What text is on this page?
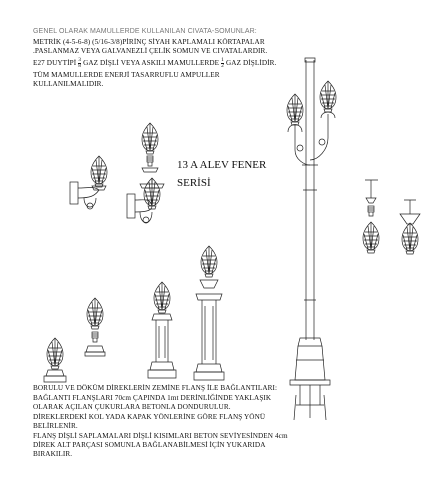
GENEL OLARAK MAMULLERDE KULLANILAN CIVATA-SOMUNLAR:
METRİK (4-5-6-8) (5/16-3/8)PİRİNÇ SİYAH KAPLAMALI KÖRTAPALAR
.PASLANMAZ VEYA GALVANEZLİ ÇELİK SOMUN VE CIVATALARDIR.
E27 DUYTİPİ $\frac{3}{8}$ GAZ DİŞLİ VEYA ASKILI MAMULLERDE $\frac{1}{2}$ GAZ DİŞLİDİR.
TÜM MAMULLERDE ENERJİ TASARRUFLU AMPULLER
KULLANILMALIDIR.
13 A ALEV FENER
SERİSİ
BORULU VE DÖKÜM DİREKLERİN ZEMİNE FLANŞ İLE BAĞLANTILARI:
BAĞLANTI FLANŞLARI 70cm ÇAPINDA 1mt DERİNLİĞİNDE YAKLAŞIK
OLARAK AÇILAN ÇUKURLARA BETONLA DONDURULUR.
DİREKLERDEKİ KOL YADA KAPAK YÖNLERİNE GÖRE FLANŞ YÖNÜ
BELİRLENİR.
FLANŞ DİŞLİ SAPLAMALARI DİŞLİ KISIMLARI BETON SEVİYESİNDEN 4cm
DİREK ALT PARÇASI SOMUNLA BAĞLANABİLMESİ İÇİN YUKARIDA
BIRAKILIR.
